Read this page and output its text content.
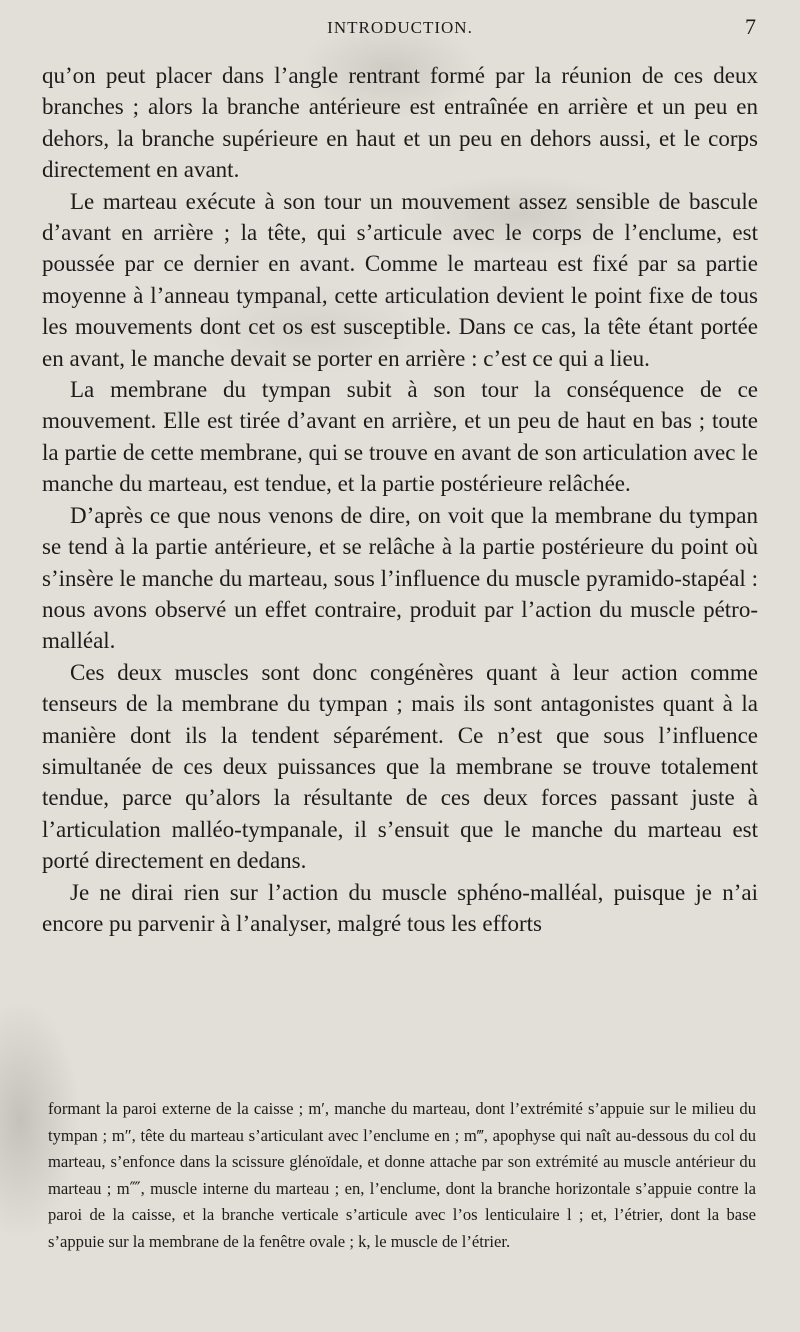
INTRODUCTION.	7

qu’on peut placer dans l’angle rentrant formé par la réunion de ces deux branches ; alors la branche antérieure est entraînée en arrière et un peu en dehors, la branche supérieure en haut et un peu en dehors aussi, et le corps directement en avant.

Le marteau exécute à son tour un mouvement assez sensible de bascule d’avant en arrière ; la tête, qui s’articule avec le corps de l’enclume, est poussée par ce dernier en avant. Comme le marteau est fixé par sa partie moyenne à l’anneau tympanal, cette articulation devient le point fixe de tous les mouvements dont cet os est susceptible. Dans ce cas, la tête étant portée en avant, le manche devait se porter en arrière : c’est ce qui a lieu.

La membrane du tympan subit à son tour la conséquence de ce mouvement. Elle est tirée d’avant en arrière, et un peu de haut en bas ; toute la partie de cette membrane, qui se trouve en avant de son articulation avec le manche du marteau, est tendue, et la partie postérieure relâchée.

D’après ce que nous venons de dire, on voit que la membrane du tympan se tend à la partie antérieure, et se relâche à la partie postérieure du point où s’insère le manche du marteau, sous l’influence du muscle pyramido-stapéal : nous avons observé un effet contraire, produit par l’action du muscle pétro-malléal.

Ces deux muscles sont donc congénères quant à leur action comme tenseurs de la membrane du tympan ; mais ils sont antagonistes quant à la manière dont ils la tendent séparément. Ce n’est que sous l’influence simultanée de ces deux puissances que la membrane se trouve totalement tendue, parce qu’alors la résultante de ces deux forces passant juste à l’articulation malléo-tympanale, il s’ensuit que le manche du marteau est porté directement en dedans.

Je ne dirai rien sur l’action du muscle sphéno-malléal, puisque je n’ai encore pu parvenir à l’analyser, malgré tous les efforts

formant la paroi externe de la caisse ; m′, manche du marteau, dont l’extrémité s’appuie sur le milieu du tympan ; m″, tête du marteau s’articulant avec l’enclume en ; m‴, apophyse qui naît au-dessous du col du marteau, s’enfonce dans la scissure glénoïdale, et donne attache par son extrémité au muscle antérieur du marteau ; m⁗, muscle interne du marteau ; en, l’enclume, dont la branche horizontale s’appuie contre la paroi de la caisse, et la branche verticale s’articule avec l’os lenticulaire l ; et, l’étrier, dont la base s’appuie sur la membrane de la fenêtre ovale ; k, le muscle de l’étrier.
